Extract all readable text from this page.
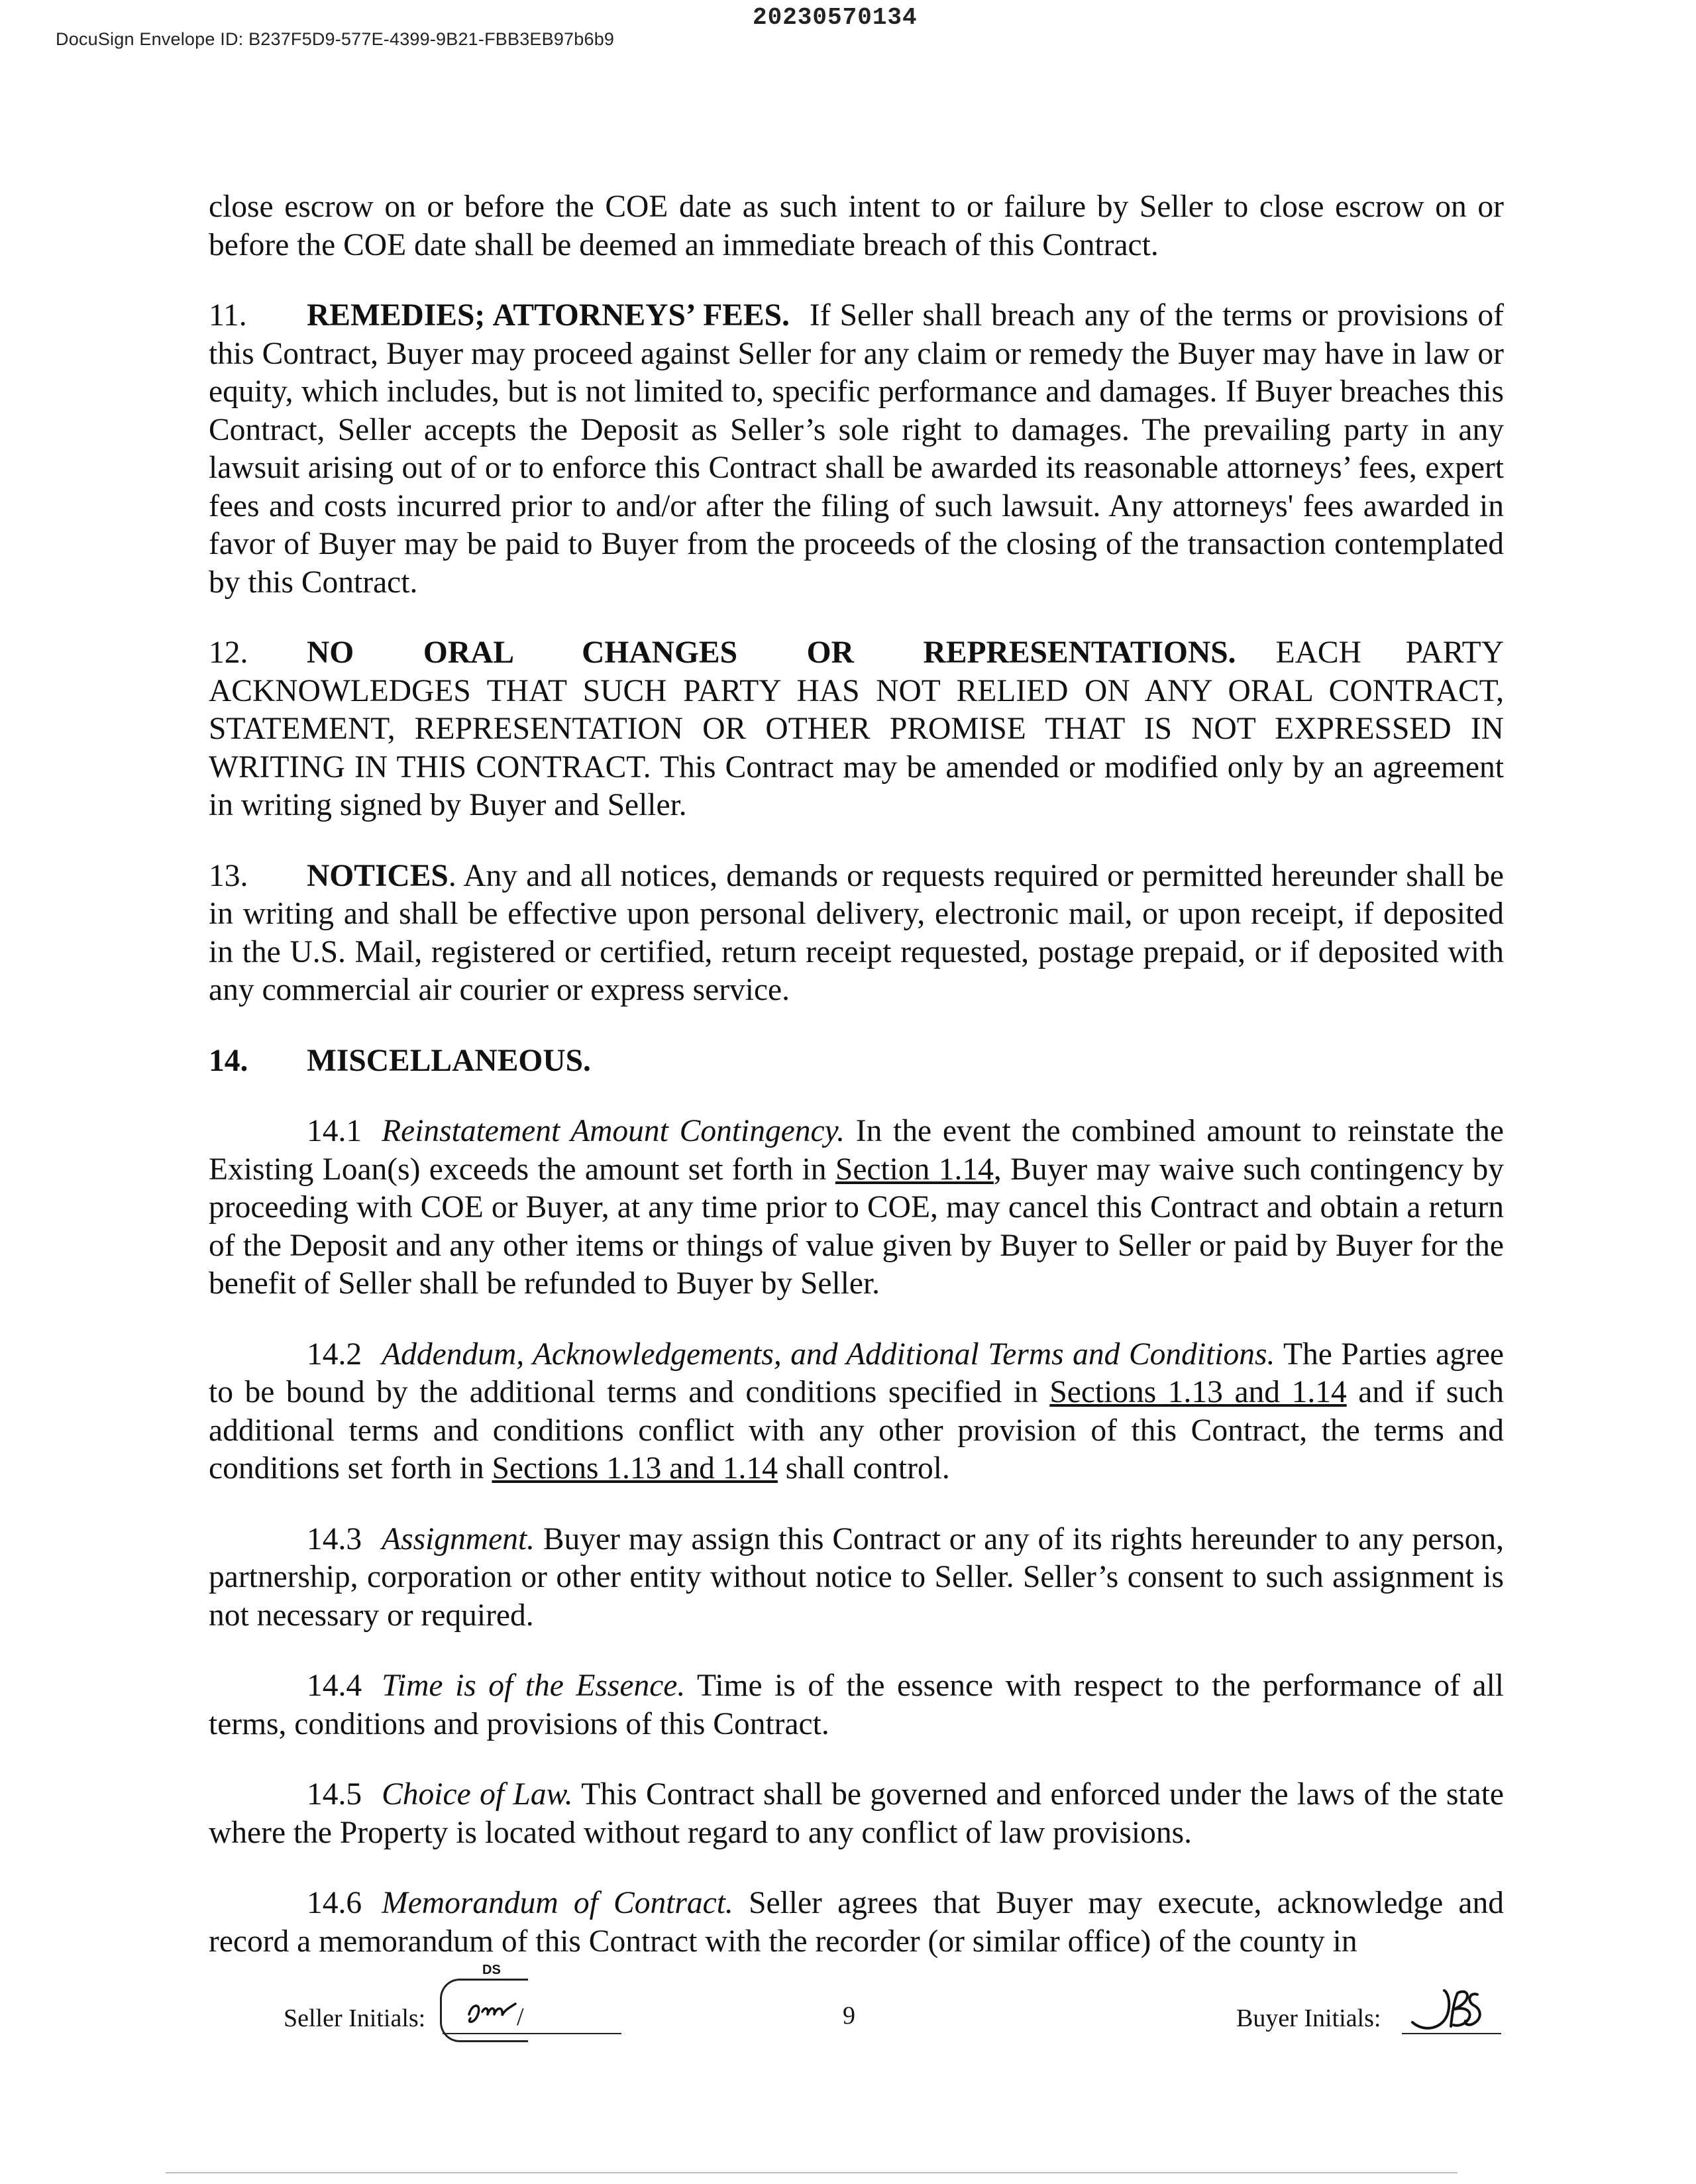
DocuSign Envelope ID: B237F5D9-577E-4399-9B21-FBB3EB97b6b9
20230570134

close escrow on or before the COE date as such intent to or failure by Seller to close escrow on or before the COE date shall be deemed an immediate breach of this Contract.

11. REMEDIES; ATTORNEYS’ FEES. If Seller shall breach any of the terms or provisions of this Contract, Buyer may proceed against Seller for any claim or remedy the Buyer may have in law or equity, which includes, but is not limited to, specific performance and damages. If Buyer breaches this Contract, Seller accepts the Deposit as Seller’s sole right to damages. The prevailing party in any lawsuit arising out of or to enforce this Contract shall be awarded its reasonable attorneys’ fees, expert fees and costs incurred prior to and/or after the filing of such lawsuit. Any attorneys' fees awarded in favor of Buyer may be paid to Buyer from the proceeds of the closing of the transaction contemplated by this Contract.

12. NO ORAL CHANGES OR REPRESENTATIONS. EACH PARTY ACKNOWLEDGES THAT SUCH PARTY HAS NOT RELIED ON ANY ORAL CONTRACT, STATEMENT, REPRESENTATION OR OTHER PROMISE THAT IS NOT EXPRESSED IN WRITING IN THIS CONTRACT. This Contract may be amended or modified only by an agreement in writing signed by Buyer and Seller.

13. NOTICES. Any and all notices, demands or requests required or permitted hereunder shall be in writing and shall be effective upon personal delivery, electronic mail, or upon receipt, if deposited in the U.S. Mail, registered or certified, return receipt requested, postage prepaid, or if deposited with any commercial air courier or express service.

14. MISCELLANEOUS.

14.1 Reinstatement Amount Contingency. In the event the combined amount to reinstate the Existing Loan(s) exceeds the amount set forth in Section 1.14, Buyer may waive such contingency by proceeding with COE or Buyer, at any time prior to COE, may cancel this Contract and obtain a return of the Deposit and any other items or things of value given by Buyer to Seller or paid by Buyer for the benefit of Seller shall be refunded to Buyer by Seller.

14.2 Addendum, Acknowledgements, and Additional Terms and Conditions. The Parties agree to be bound by the additional terms and conditions specified in Sections 1.13 and 1.14 and if such additional terms and conditions conflict with any other provision of this Contract, the terms and conditions set forth in Sections 1.13 and 1.14 shall control.

14.3 Assignment. Buyer may assign this Contract or any of its rights hereunder to any person, partnership, corporation or other entity without notice to Seller. Seller’s consent to such assignment is not necessary or required.

14.4 Time is of the Essence. Time is of the essence with respect to the performance of all terms, conditions and provisions of this Contract.

14.5 Choice of Law. This Contract shall be governed and enforced under the laws of the state where the Property is located without regard to any conflict of law provisions.

14.6 Memorandum of Contract. Seller agrees that Buyer may execute, acknowledge and record a memorandum of this Contract with the recorder (or similar office) of the county in

DS
Seller Initials:	/	9	Buyer Initials:
